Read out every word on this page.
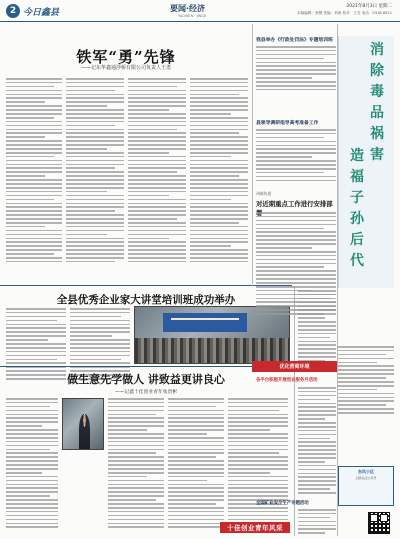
2 今日鑫县	要闻·经济
YAOWEN · JINGJI
2021年8月3日 星期二
本版编辑：张柳 美编：刘涛 校对：王芳 电话：0318-8521
铁军“勇”先锋
——记东华鑫通浮桥有限公司负责人王勇
全县优秀企业家大讲堂培训班成功举办
做生意先学做人 讲致益更讲良心
——记鑫十佳创业青年张贵彬
十佳创业青年风采
我县举办《行政处罚法》专题培训班
县领导调研指导高考准备工作
州城传道
对近期重点工作进行安排部
优化营商环境
各平台积极开展创业服务月活动
全国矿业安全生产专题活动
消除毒品祸害
造福子孙后代
东风小区
扫码关注公众号
